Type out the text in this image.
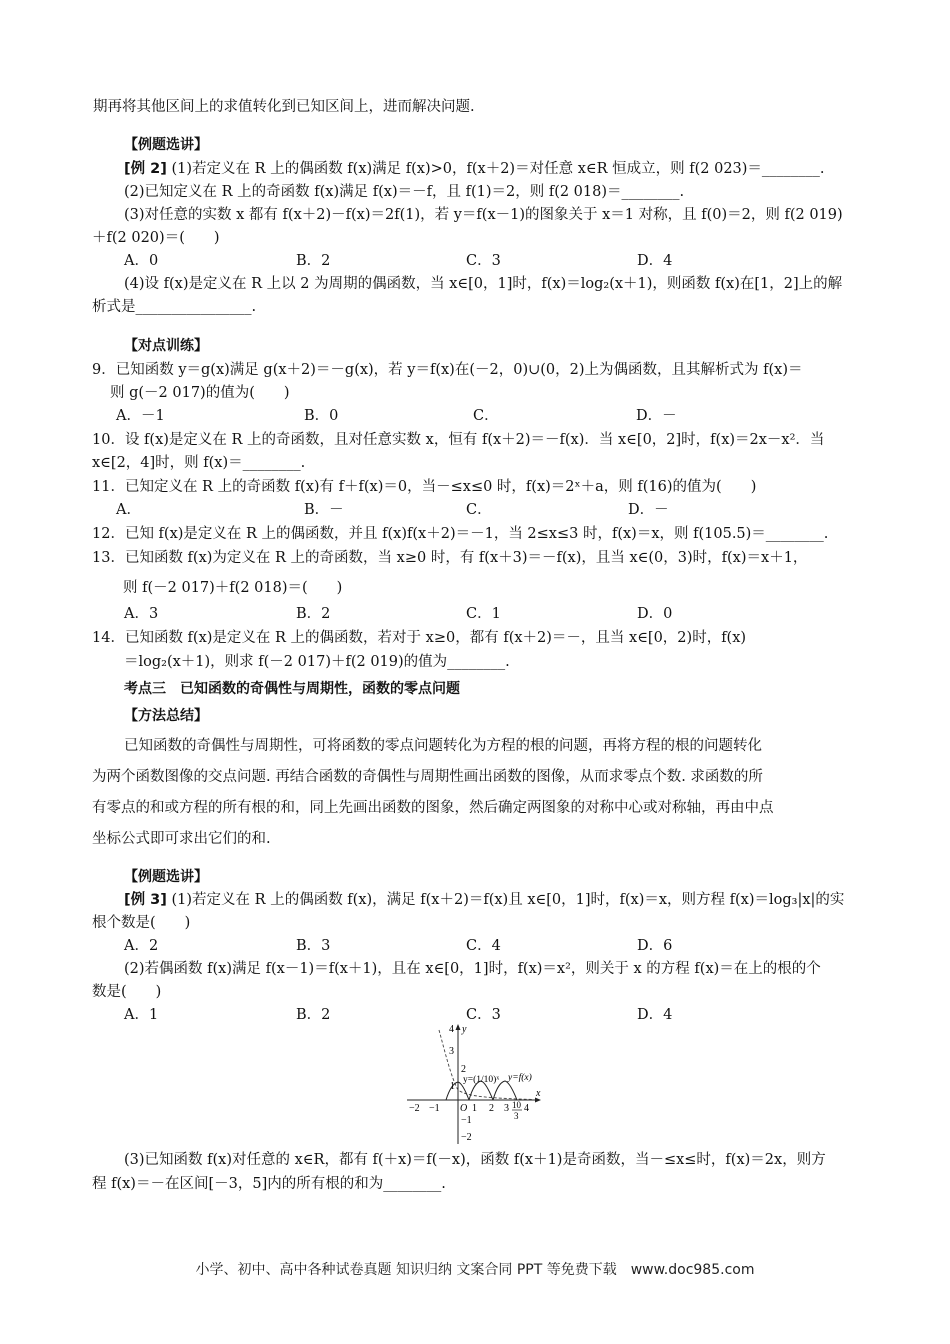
期再将其他区间上的求值转化到已知区间上，进而解决问题.
【例题选讲】
[例 2] (1)若定义在 R 上的偶函数 f(x)满足 f(x)>0，f(x＋2)＝对任意 x∈R 恒成立，则 f(2 023)＝________.
(2)已知定义在 R 上的奇函数 f(x)满足 f(x)＝－f，且 f(1)＝2，则 f(2 018)＝________.
(3)对任意的实数 x 都有 f(x＋2)－f(x)＝2f(1)，若 y＝f(x－1)的图象关于 x＝1 对称，且 f(0)＝2，则 f(2 019)
＋f(2 020)＝(　　)
A．0	B．2	C．3	D．4
(4)设 f(x)是定义在 R 上以 2 为周期的偶函数，当 x∈[0，1]时，f(x)＝log₂(x＋1)，则函数 f(x)在[1，2]上的解
析式是________________.
【对点训练】
9．已知函数 y＝g(x)满足 g(x＋2)＝－g(x)，若 y＝f(x)在(－2，0)∪(0，2)上为偶函数，且其解析式为 f(x)＝
则 g(－2 017)的值为(　　)
A．－1	B．0	C．	D．－
10．设 f(x)是定义在 R 上的奇函数，且对任意实数 x，恒有 f(x＋2)＝－f(x)．当 x∈[0，2]时，f(x)＝2x－x²．当
x∈[2，4]时，则 f(x)＝________.
11．已知定义在 R 上的奇函数 f(x)有 f＋f(x)＝0，当－≤x≤0 时，f(x)＝2ˣ＋a，则 f(16)的值为(　　)
A．	B．－	C．	D．－
12．已知 f(x)是定义在 R 上的偶函数，并且 f(x)f(x＋2)＝－1，当 2≤x≤3 时，f(x)＝x，则 f(105.5)＝________.
13．已知函数 f(x)为定义在 R 上的奇函数，当 x≥0 时，有 f(x＋3)＝－f(x)，且当 x∈(0，3)时，f(x)＝x＋1，
则 f(－2 017)＋f(2 018)＝(　　)
A．3	B．2	C．1	D．0
14．已知函数 f(x)是定义在 R 上的偶函数，若对于 x≥0，都有 f(x＋2)＝－，且当 x∈[0，2)时，f(x)
＝log₂(x＋1)，则求 f(－2 017)＋f(2 019)的值为________.
考点三　已知函数的奇偶性与周期性，函数的零点问题
【方法总结】
已知函数的奇偶性与周期性，可将函数的零点问题转化为方程的根的问题，再将方程的根的问题转化
为两个函数图像的交点问题. 再结合函数的奇偶性与周期性画出函数的图像，从而求零点个数. 求函数的所
有零点的和或方程的所有根的和，同上先画出函数的图象，然后确定两图象的对称中心或对称轴，再由中点
坐标公式即可求出它们的和.
【例题选讲】
[例 3] (1)若定义在 R 上的偶函数 f(x)，满足 f(x＋2)＝f(x)且 x∈[0，1]时，f(x)＝x，则方程 f(x)＝log₃|x|的实
根个数是(　　)
A．2	B．3	C．4	D．6
(2)若偶函数 f(x)满足 f(x－1)＝f(x＋1)，且在 x∈[0，1]时，f(x)＝x²，则关于 x 的方程 f(x)＝在上的根的个
数是(　　)
A．1	B．2	C．3	D．4
y
x
O
4
3
2
1
−1
−2
−2 −1	1 2 3 10
3
4
y=(1/10)ˣ y=f(x)
(3)已知函数 f(x)对任意的 x∈R，都有 f(＋x)＝f(－x)，函数 f(x＋1)是奇函数，当－≤x≤时，f(x)＝2x，则方
程 f(x)＝－在区间[－3，5]内的所有根的和为________.
小学、初中、高中各种试卷真题 知识归纳 文案合同 PPT 等免费下载　www.doc985.com
